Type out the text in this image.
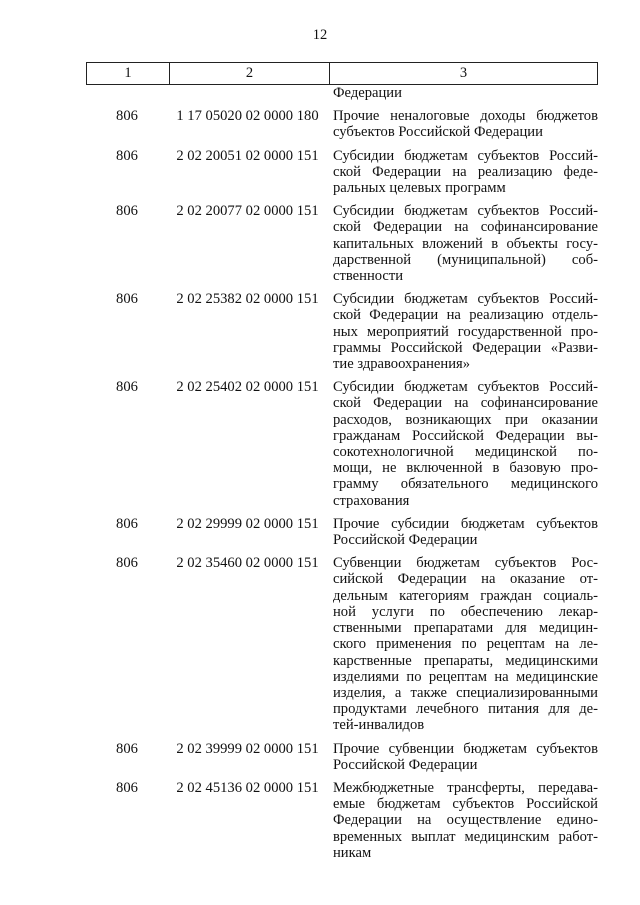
12
1	2	3
Федерации
806	1 17 05020 02 0000 180 Прочие неналоговые доходы бюджетов
субъектов Российской Федерации
806	2 02 20051 02 0000 151 Субсидии бюджетам субъектов Россий-
ской Федерации на реализацию феде-
ральных целевых программ
806	2 02 20077 02 0000 151 Субсидии бюджетам субъектов Россий-
ской Федерации на софинансирование
капитальных вложений в объекты госу-
дарственной (муниципальной) соб-
ственности
806	2 02 25382 02 0000 151 Субсидии бюджетам субъектов Россий-
ской Федерации на реализацию отдель-
ных мероприятий государственной про-
граммы Российской Федерации «Разви-
тие здравоохранения»
806	2 02 25402 02 0000 151 Субсидии бюджетам субъектов Россий-
ской Федерации на софинансирование
расходов, возникающих при оказании
гражданам Российской Федерации вы-
сокотехнологичной медицинской по-
мощи, не включенной в базовую про-
грамму обязательного медицинского
страхования
806	2 02 29999 02 0000 151 Прочие субсидии бюджетам субъектов
Российской Федерации
806	2 02 35460 02 0000 151 Субвенции бюджетам субъектов Рос-
сийской Федерации на оказание от-
дельным категориям граждан социаль-
ной услуги по обеспечению лекар-
ственными препаратами для медицин-
ского применения по рецептам на ле-
карственные препараты, медицинскими
изделиями по рецептам на медицинские
изделия, а также специализированными
продуктами лечебного питания для де-
тей-инвалидов
806	2 02 39999 02 0000 151 Прочие субвенции бюджетам субъектов
Российской Федерации
806	2 02 45136 02 0000 151 Межбюджетные трансферты, передава-
емые бюджетам субъектов Российской
Федерации на осуществление едино-
временных выплат медицинским работ-
никам
